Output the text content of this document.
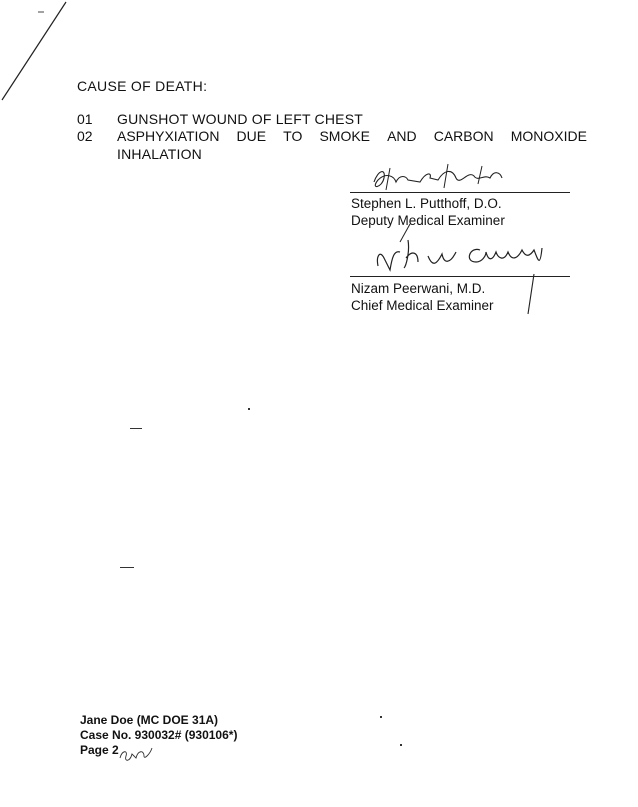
CAUSE OF DEATH:
01 GUNSHOT WOUND OF LEFT CHEST
02 ASPHYXIATION DUE TO SMOKE AND CARBON MONOXIDE
INHALATION
Stephen L. Putthoff, D.O.
Deputy Medical Examiner
Nizam Peerwani, M.D.
Chief Medical Examiner
Jane Doe (MC DOE 31A)
Case No. 930032# (930106*)
Page 2
